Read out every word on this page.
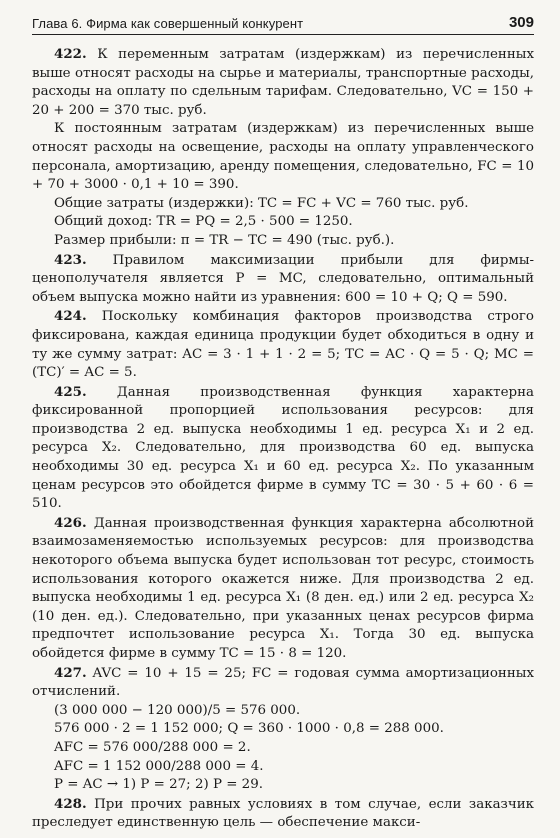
Глава 6. Фирма как совершенный конкурент	309

422. К переменным затратам (издержкам) из перечисленных выше относят расходы на сырье и материалы, транспортные расходы, расходы на оплату по сдельным тарифам. Следовательно, VC = 150 + 20 + 200 = 370 тыс. руб.

К постоянным затратам (издержкам) из перечисленных выше относят расходы на освещение, расходы на оплату управленческого персонала, амортизацию, аренду помещения, следовательно, FC = 10 + 70 + 3000 · 0,1 + 10 = 390.

Общие затраты (издержки): TC = FC + VC = 760 тыс. руб.

Общий доход: TR = PQ = 2,5 · 500 = 1250.

Размер прибыли: π = TR − TC = 490 (тыс. руб.).

423. Правилом максимизации прибыли для фирмы-ценополучателя является P = MC, следовательно, оптимальный объем выпуска можно найти из уравнения: 600 = 10 + Q; Q = 590.

424. Поскольку комбинация факторов производства строго фиксирована, каждая единица продукции будет обходиться в одну и ту же сумму затрат: AC = 3 · 1 + 1 · 2 = 5; TC = AC · Q = 5 · Q; MC = (TC)′ = AC = 5.

425. Данная производственная функция характерна фиксированной пропорцией использования ресурсов: для производства 2 ед. выпуска необходимы 1 ед. ресурса X₁ и 2 ед. ресурса X₂. Следовательно, для производства 60 ед. выпуска необходимы 30 ед. ресурса X₁ и 60 ед. ресурса X₂. По указанным ценам ресурсов это обойдется фирме в сумму TC = 30 · 5 + 60 · 6 = 510.

426. Данная производственная функция характерна абсолютной взаимозаменяемостью используемых ресурсов: для производства некоторого объема выпуска будет использован тот ресурс, стоимость использования которого окажется ниже. Для производства 2 ед. выпуска необходимы 1 ед. ресурса X₁ (8 ден. ед.) или 2 ед. ресурса X₂ (10 ден. ед.). Следовательно, при указанных ценах ресурсов фирма предпочтет использование ресурса X₁. Тогда 30 ед. выпуска обойдется фирме в сумму TC = 15 · 8 = 120.

427. AVC = 10 + 15 = 25; FC = годовая сумма амортизационных отчислений.

(3 000 000 − 120 000)/5 = 576 000.

576 000 · 2 = 1 152 000; Q = 360 · 1000 · 0,8 = 288 000.

AFC = 576 000/288 000 = 2.

AFC = 1 152 000/288 000 = 4.

P = AC → 1) P = 27; 2) P = 29.

428. При прочих равных условиях в том случае, если заказчик преследует единственную цель — обеспечение макси-
